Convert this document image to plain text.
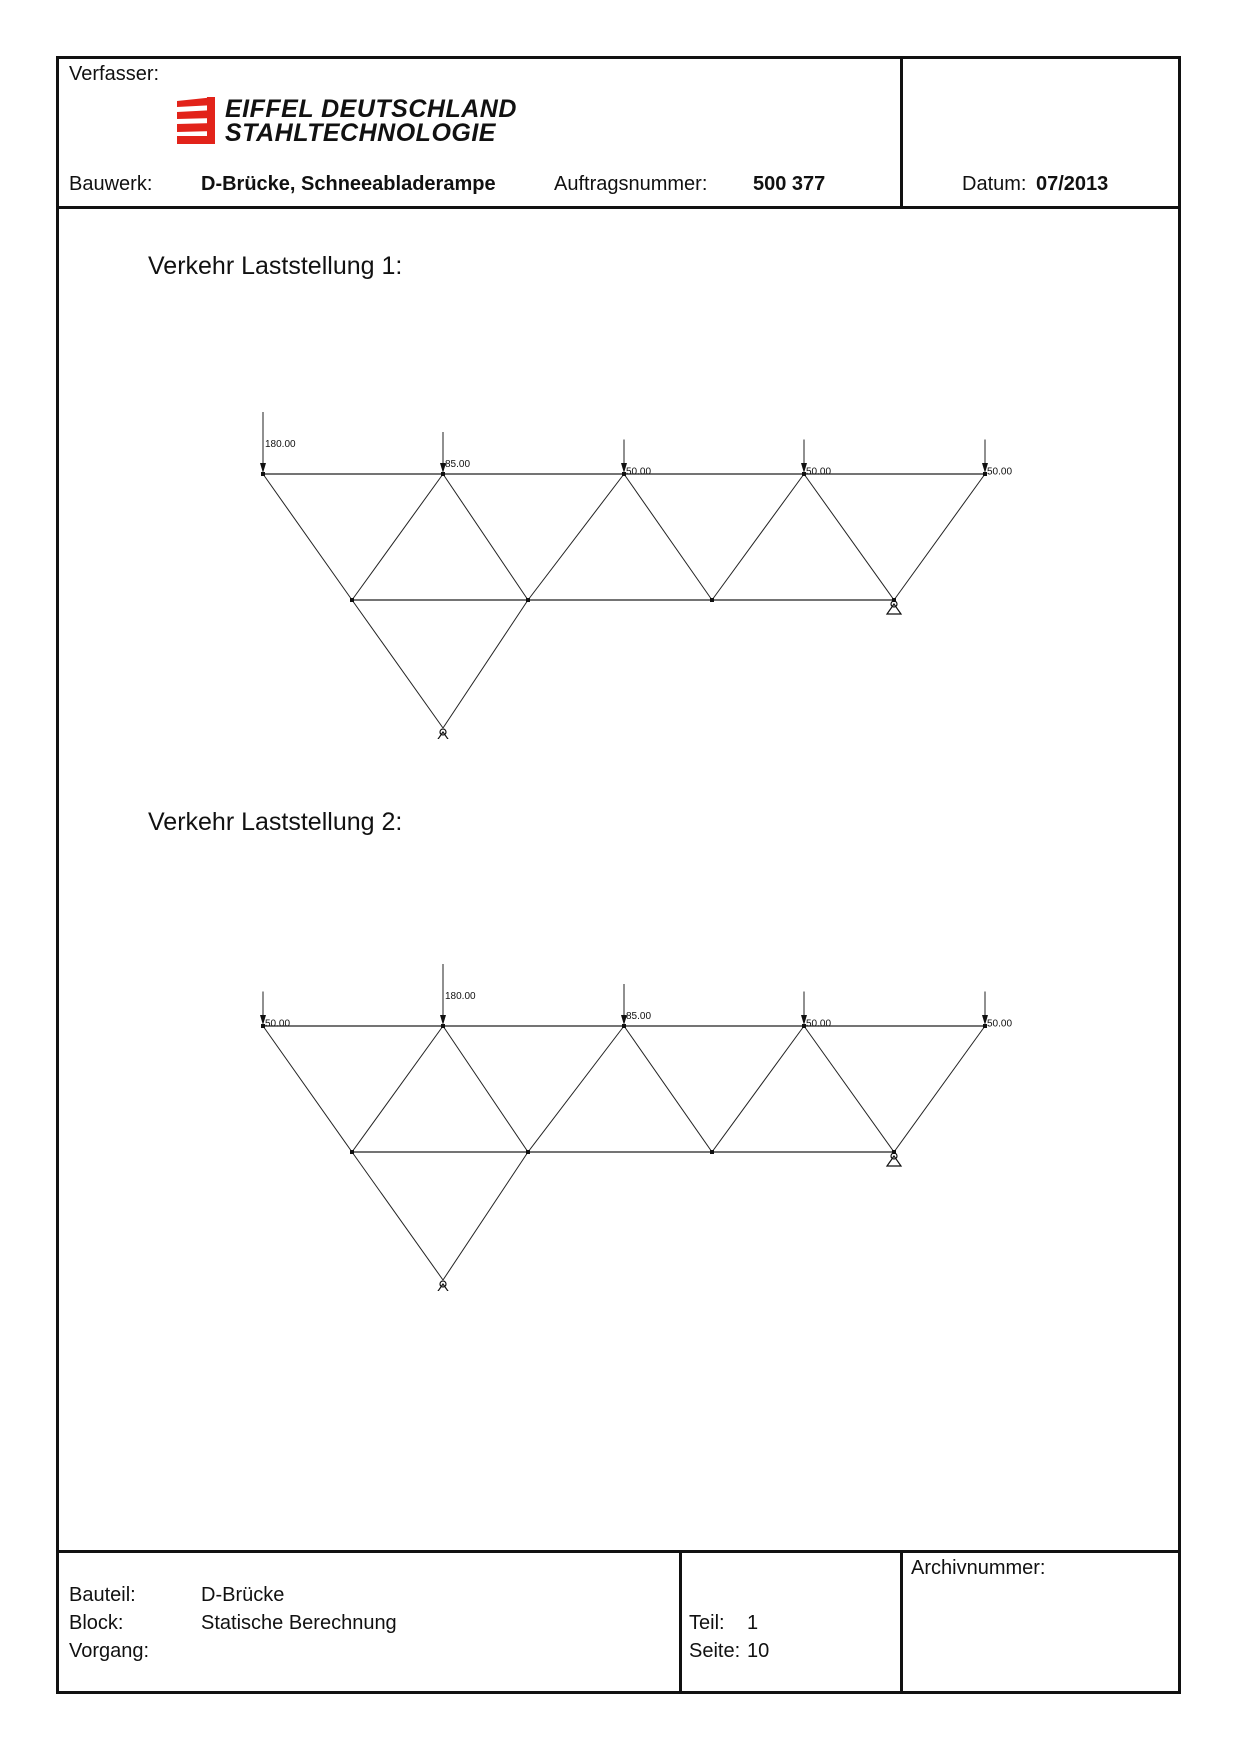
Verfasser:
EIFFEL DEUTSCHLAND
STAHLTECHNOLOGIE
Bauwerk: D-Brücke, Schneeabladerampe	Auftragsnummer: 500 377	Datum: 07/2013
Verkehr Laststellung 1:
180.00
85.00
50.00	50.00	50.00
Verkehr Laststellung 2:
50.00
180.00
85.00
50.00	50.00
Bauteil:	D-Brücke
Block:	Statische Berechnung
Vorgang:
Teil: 1
Seite: 10
Archivnummer:
